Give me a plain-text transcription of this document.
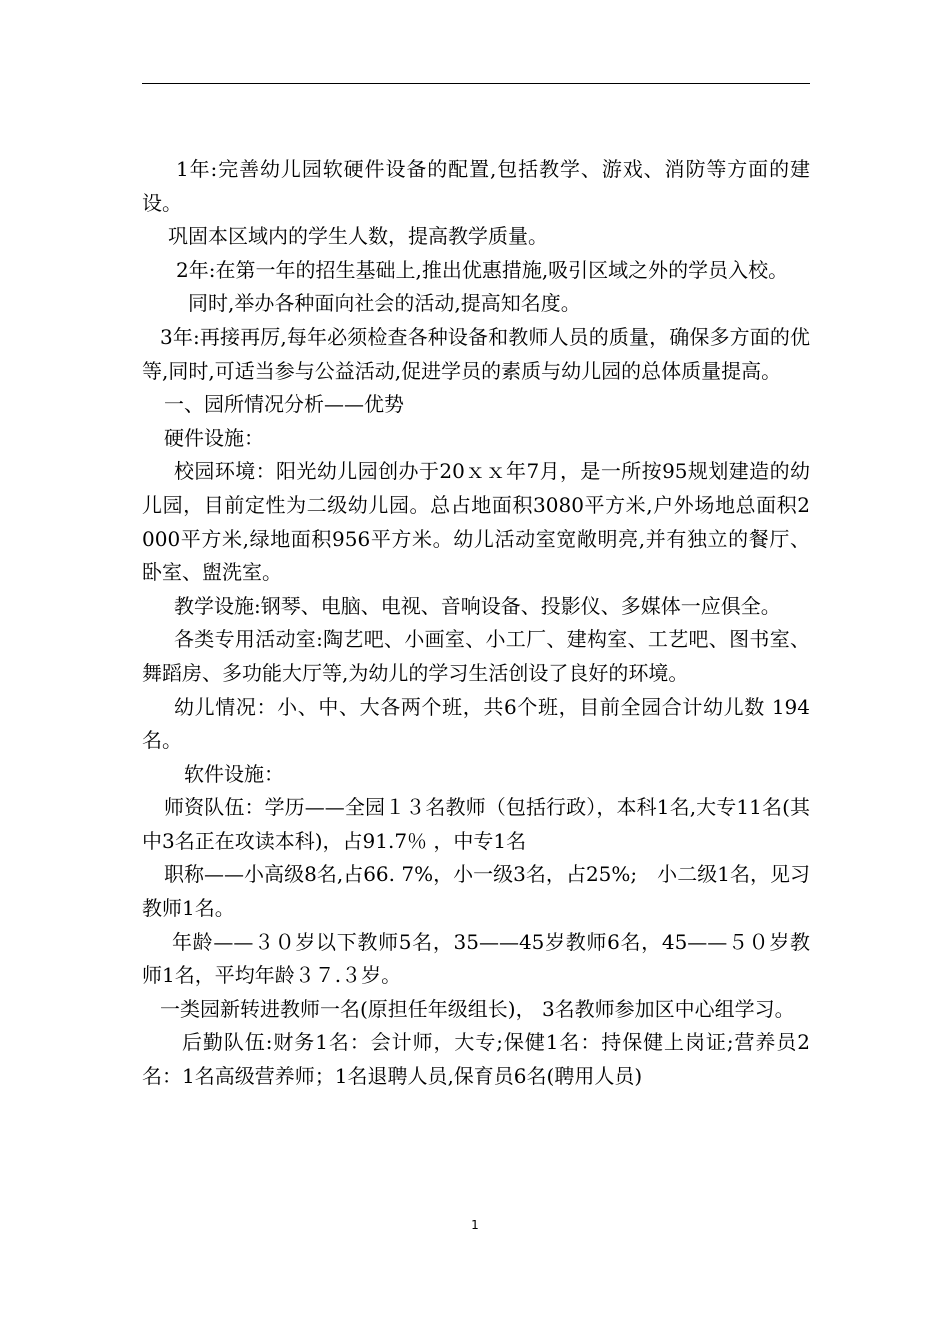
1年:完善幼儿园软硬件设备的配置,包括教学、游戏、消防等方面的建设。

巩固本区域内的学生人数，提高教学质量。

2年:在第一年的招生基础上,推出优惠措施,吸引区域之外的学员入校。

同时,举办各种面向社会的活动,提高知名度。

3年:再接再厉,每年必须检查各种设备和教师人员的质量，确保多方面的优等,同时,可适当参与公益活动,促进学员的素质与幼儿园的总体质量提高。

一、园所情况分析——优势

硬件设施：

校园环境：阳光幼儿园创办于20ｘｘ年7月，是一所按95规划建造的幼儿园，目前定性为二级幼儿园。总占地面积3080平方米,户外场地总面积2 000平方米,绿地面积956平方米。幼儿活动室宽敞明亮,并有独立的餐厅、卧室、盥洗室。

教学设施:钢琴、电脑、电视、音响设备、投影仪、多媒体一应俱全。

各类专用活动室:陶艺吧、小画室、小工厂、建构室、工艺吧、图书室、舞蹈房、多功能大厅等,为幼儿的学习生活创设了良好的环境。

幼儿情况：小、中、大各两个班，共6个班，目前全园合计幼儿数 194 名。

软件设施：

师资队伍：学历——全园１３名教师（包括行政），本科1名,大专11名(其中3名正在攻读本科)，占91.7％ ，中专1名

职称——小高级8名,占66. 7%，小一级3名，占25%;　小二级1名，见习教师1名。

年龄——３０岁以下教师5名，35——45岁教师6名，45——５０岁教师1名，平均年龄３７.３岁。

一类园新转进教师一名(原担任年级组长)， 3名教师参加区中心组学习。

后勤队伍:财务1名：会计师，大专;保健1名：持保健上岗证;营养员2名：1名高级营养师；1名退聘人员,保育员6名(聘用人员)

1
